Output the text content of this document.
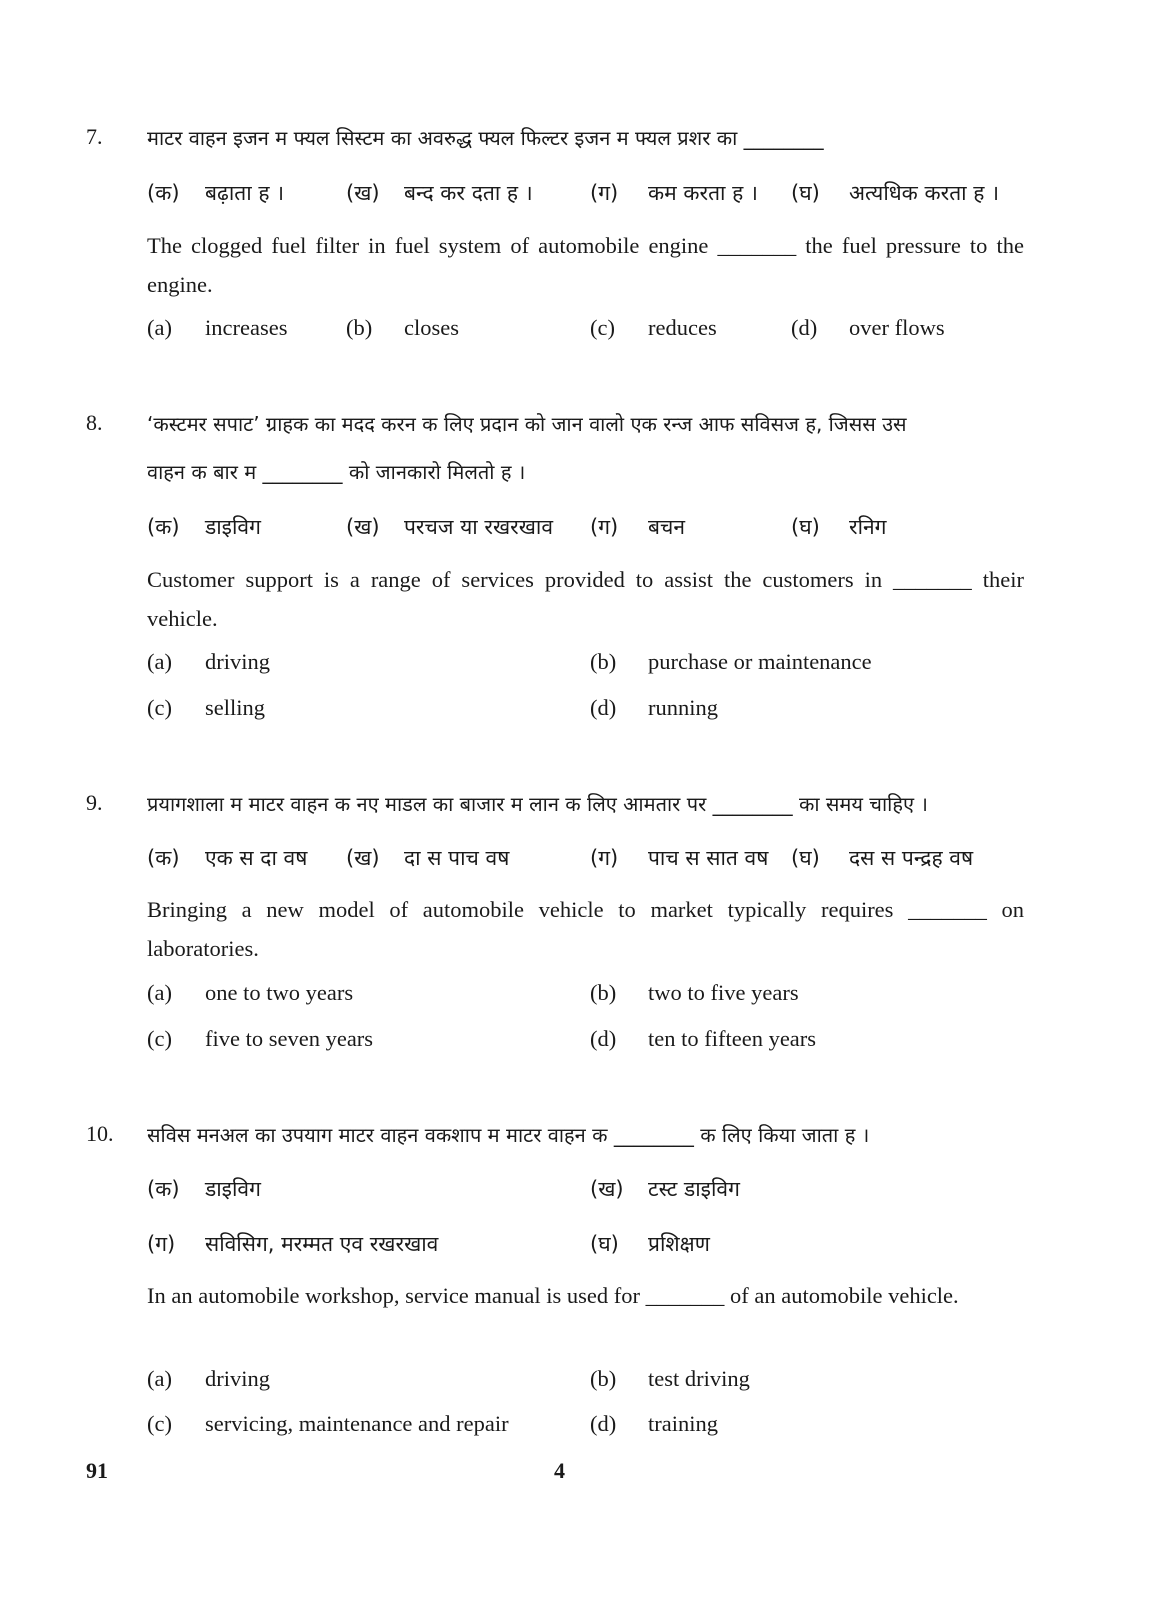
7. माटर वाहन इजन म फ्यल सिस्टम का अवरुद्ध फ्यल फिल्टर इजन म फ्यल प्रशर का ________
(क) बढ़ाता ह ।	(ख) बन्द कर दता ह ।	(ग) कम करता ह । (घ) अत्यधिक करता ह ।
The clogged fuel filter in fuel system of automobile engine _______ the fuel pressure to the engine.
(a) increases	(b) closes	(c) reduces	(d) over flows
8. ‘कस्टमर सपाट’ ग्राहक का मदद करन क लिए प्रदान को जान वालो एक रन्ज आफ सविसज ह, जिसस उस
वाहन क बार म ________ को जानकारो मिलतो ह ।
(क) डाइविग	(ख) परचज या रखरखाव (ग) बचन	(घ) रनिग
Customer support is a range of services provided to assist the customers in _______ their vehicle.
(a) driving	(b) purchase or maintenance
(c) selling	(d) running
9. प्रयागशाला म माटर वाहन क नए माडल का बाजार म लान क लिए आमतार पर ________ का समय चाहिए ।
(क) एक स दा वष (ख) दा स पाच वष	(ग) पाच स सात वष (घ) दस स पन्द्रह वष
Bringing a new model of automobile vehicle to market typically requires _______ on laboratories.
(a) one to two years	(b) two to five years
(c) five to seven years	(d) ten to fifteen years
10. सविस मनअल का उपयाग माटर वाहन वकशाप म माटर वाहन क ________ क लिए किया जाता ह ।
(क) डाइविग	(ख) टस्ट डाइविग
(ग) सविसिग, मरम्मत एव रखरखाव	(घ) प्रशिक्षण
In an automobile workshop, service manual is used for _______ of an automobile vehicle.
(a) driving	(b) test driving
(c) servicing, maintenance and repair	(d) training
91	4
